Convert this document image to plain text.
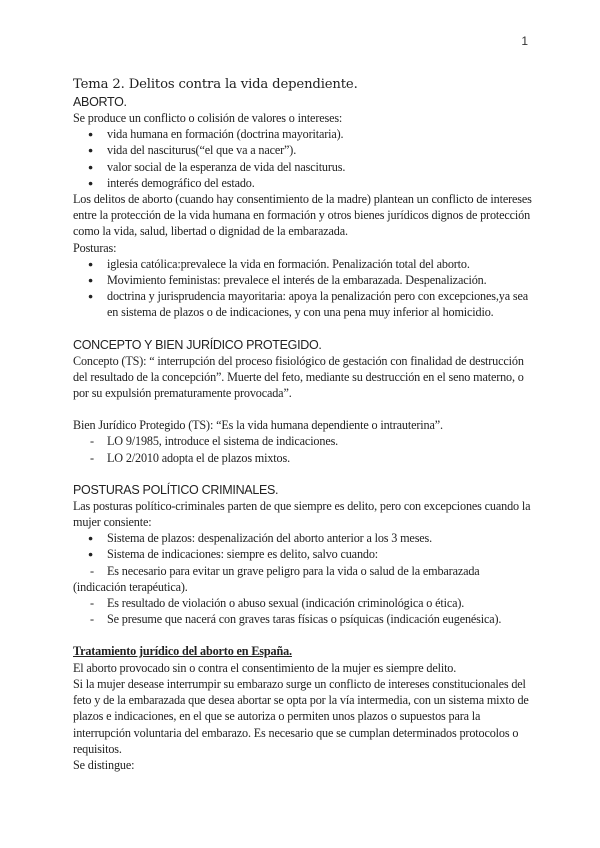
1
Tema 2. Delitos contra la vida dependiente.

ABORTO.

Se produce un conflicto o colisión de valores o intereses:

● vida humana en formación (doctrina mayoritaria).
● vida del nasciturus(“el que va a nacer”).
● valor social de la esperanza de vida del nasciturus.
● interés demográfico del estado.

Los delitos de aborto (cuando hay consentimiento de la madre) plantean un conflicto de intereses entre la protección de la vida humana en formación y otros bienes jurídicos dignos de protección como la vida, salud, libertad o dignidad de la embarazada.

Posturas:

● iglesia católica:prevalece la vida en formación. Penalización total del aborto.
● Movimiento feministas: prevalece el interés de la embarazada. Despenalización.
● doctrina y jurisprudencia mayoritaria: apoya la penalización pero con excepciones,ya sea en sistema de plazos o de indicaciones, y con una pena muy inferior al homicidio.

CONCEPTO Y BIEN JURÍDICO PROTEGIDO.

Concepto (TS): “ interrupción del proceso fisiológico de gestación con finalidad de destrucción del resultado de la concepción”. Muerte del feto, mediante su destrucción en el seno materno, o por su expulsión prematuramente provocada”.

Bien Jurídico Protegido (TS): “Es la vida humana dependiente o intrauterina”.

- LO 9/1985, introduce el sistema de indicaciones.
- LO 2/2010 adopta el de plazos mixtos.

POSTURAS POLÍTICO CRIMINALES.

Las posturas político-criminales parten de que siempre es delito, pero con excepciones cuando la mujer consiente:

● Sistema de plazos: despenalización del aborto anterior a los 3 meses.
● Sistema de indicaciones: siempre es delito, salvo cuando:
- Es necesario para evitar un grave peligro para la vida o salud de la embarazada (indicación terapéutica).
- Es resultado de violación o abuso sexual (indicación criminológica o ética).
- Se presume que nacerá con graves taras físicas o psíquicas (indicación eugenésica).

Tratamiento jurídico del aborto en España.

El aborto provocado sin o contra el consentimiento de la mujer es siempre delito.

Si la mujer desease interrumpir su embarazo surge un conflicto de intereses constitucionales del feto y de la embarazada que desea abortar se opta por la vía intermedia, con un sistema mixto de plazos e indicaciones, en el que se autoriza o permiten unos plazos o supuestos para la interrupción voluntaria del embarazo. Es necesario que se cumplan determinados protocolos o requisitos.

Se distingue:
